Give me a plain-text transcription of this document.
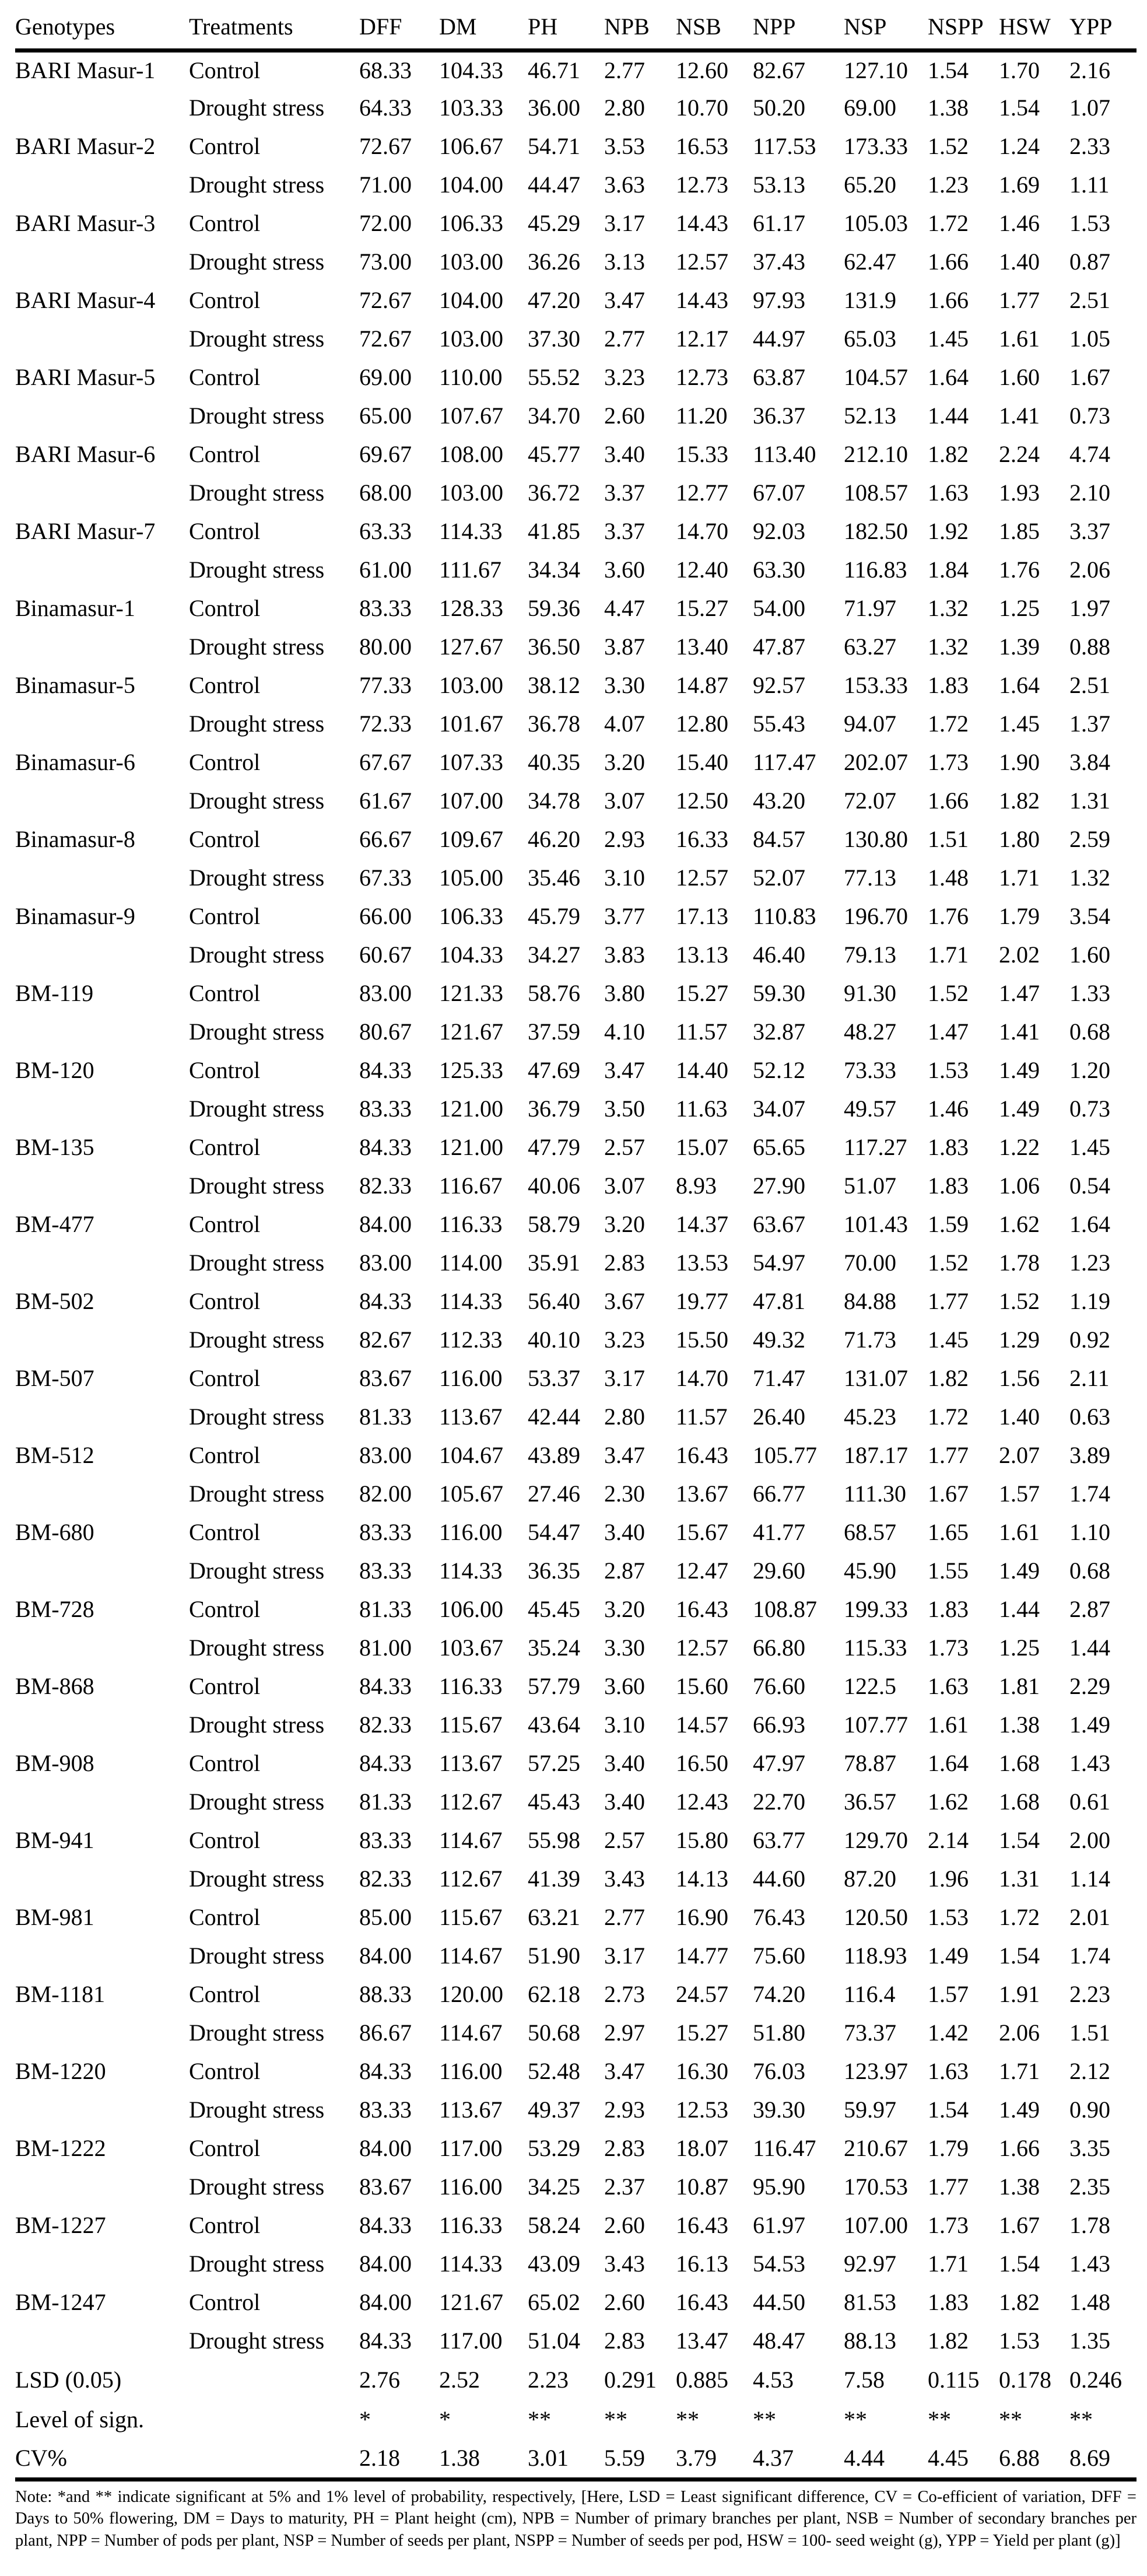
Genotypes	Treatments	DFF	DM	PH	NPB	NSB	NPP	NSP	NSPP	HSW	YPP
BARI Masur-1	Control	68.33	104.33	46.71	2.77	12.60	82.67	127.10	1.54	1.70	2.16
	Drought stress	64.33	103.33	36.00	2.80	10.70	50.20	69.00	1.38	1.54	1.07
BARI Masur-2	Control	72.67	106.67	54.71	3.53	16.53	117.53	173.33	1.52	1.24	2.33
	Drought stress	71.00	104.00	44.47	3.63	12.73	53.13	65.20	1.23	1.69	1.11
BARI Masur-3	Control	72.00	106.33	45.29	3.17	14.43	61.17	105.03	1.72	1.46	1.53
	Drought stress	73.00	103.00	36.26	3.13	12.57	37.43	62.47	1.66	1.40	0.87
BARI Masur-4	Control	72.67	104.00	47.20	3.47	14.43	97.93	131.9	1.66	1.77	2.51
	Drought stress	72.67	103.00	37.30	2.77	12.17	44.97	65.03	1.45	1.61	1.05
BARI Masur-5	Control	69.00	110.00	55.52	3.23	12.73	63.87	104.57	1.64	1.60	1.67
	Drought stress	65.00	107.67	34.70	2.60	11.20	36.37	52.13	1.44	1.41	0.73
BARI Masur-6	Control	69.67	108.00	45.77	3.40	15.33	113.40	212.10	1.82	2.24	4.74
	Drought stress	68.00	103.00	36.72	3.37	12.77	67.07	108.57	1.63	1.93	2.10
BARI Masur-7	Control	63.33	114.33	41.85	3.37	14.70	92.03	182.50	1.92	1.85	3.37
	Drought stress	61.00	111.67	34.34	3.60	12.40	63.30	116.83	1.84	1.76	2.06
Binamasur-1	Control	83.33	128.33	59.36	4.47	15.27	54.00	71.97	1.32	1.25	1.97
	Drought stress	80.00	127.67	36.50	3.87	13.40	47.87	63.27	1.32	1.39	0.88
Binamasur-5	Control	77.33	103.00	38.12	3.30	14.87	92.57	153.33	1.83	1.64	2.51
	Drought stress	72.33	101.67	36.78	4.07	12.80	55.43	94.07	1.72	1.45	1.37
Binamasur-6	Control	67.67	107.33	40.35	3.20	15.40	117.47	202.07	1.73	1.90	3.84
	Drought stress	61.67	107.00	34.78	3.07	12.50	43.20	72.07	1.66	1.82	1.31
Binamasur-8	Control	66.67	109.67	46.20	2.93	16.33	84.57	130.80	1.51	1.80	2.59
	Drought stress	67.33	105.00	35.46	3.10	12.57	52.07	77.13	1.48	1.71	1.32
Binamasur-9	Control	66.00	106.33	45.79	3.77	17.13	110.83	196.70	1.76	1.79	3.54
	Drought stress	60.67	104.33	34.27	3.83	13.13	46.40	79.13	1.71	2.02	1.60
BM-119	Control	83.00	121.33	58.76	3.80	15.27	59.30	91.30	1.52	1.47	1.33
	Drought stress	80.67	121.67	37.59	4.10	11.57	32.87	48.27	1.47	1.41	0.68
BM-120	Control	84.33	125.33	47.69	3.47	14.40	52.12	73.33	1.53	1.49	1.20
	Drought stress	83.33	121.00	36.79	3.50	11.63	34.07	49.57	1.46	1.49	0.73
BM-135	Control	84.33	121.00	47.79	2.57	15.07	65.65	117.27	1.83	1.22	1.45
	Drought stress	82.33	116.67	40.06	3.07	8.93	27.90	51.07	1.83	1.06	0.54
BM-477	Control	84.00	116.33	58.79	3.20	14.37	63.67	101.43	1.59	1.62	1.64
	Drought stress	83.00	114.00	35.91	2.83	13.53	54.97	70.00	1.52	1.78	1.23
BM-502	Control	84.33	114.33	56.40	3.67	19.77	47.81	84.88	1.77	1.52	1.19
	Drought stress	82.67	112.33	40.10	3.23	15.50	49.32	71.73	1.45	1.29	0.92
BM-507	Control	83.67	116.00	53.37	3.17	14.70	71.47	131.07	1.82	1.56	2.11
	Drought stress	81.33	113.67	42.44	2.80	11.57	26.40	45.23	1.72	1.40	0.63
BM-512	Control	83.00	104.67	43.89	3.47	16.43	105.77	187.17	1.77	2.07	3.89
	Drought stress	82.00	105.67	27.46	2.30	13.67	66.77	111.30	1.67	1.57	1.74
BM-680	Control	83.33	116.00	54.47	3.40	15.67	41.77	68.57	1.65	1.61	1.10
	Drought stress	83.33	114.33	36.35	2.87	12.47	29.60	45.90	1.55	1.49	0.68
BM-728	Control	81.33	106.00	45.45	3.20	16.43	108.87	199.33	1.83	1.44	2.87
	Drought stress	81.00	103.67	35.24	3.30	12.57	66.80	115.33	1.73	1.25	1.44
BM-868	Control	84.33	116.33	57.79	3.60	15.60	76.60	122.5	1.63	1.81	2.29
	Drought stress	82.33	115.67	43.64	3.10	14.57	66.93	107.77	1.61	1.38	1.49
BM-908	Control	84.33	113.67	57.25	3.40	16.50	47.97	78.87	1.64	1.68	1.43
	Drought stress	81.33	112.67	45.43	3.40	12.43	22.70	36.57	1.62	1.68	0.61
BM-941	Control	83.33	114.67	55.98	2.57	15.80	63.77	129.70	2.14	1.54	2.00
	Drought stress	82.33	112.67	41.39	3.43	14.13	44.60	87.20	1.96	1.31	1.14
BM-981	Control	85.00	115.67	63.21	2.77	16.90	76.43	120.50	1.53	1.72	2.01
	Drought stress	84.00	114.67	51.90	3.17	14.77	75.60	118.93	1.49	1.54	1.74
BM-1181	Control	88.33	120.00	62.18	2.73	24.57	74.20	116.4	1.57	1.91	2.23
	Drought stress	86.67	114.67	50.68	2.97	15.27	51.80	73.37	1.42	2.06	1.51
BM-1220	Control	84.33	116.00	52.48	3.47	16.30	76.03	123.97	1.63	1.71	2.12
	Drought stress	83.33	113.67	49.37	2.93	12.53	39.30	59.97	1.54	1.49	0.90
BM-1222	Control	84.00	117.00	53.29	2.83	18.07	116.47	210.67	1.79	1.66	3.35
	Drought stress	83.67	116.00	34.25	2.37	10.87	95.90	170.53	1.77	1.38	2.35
BM-1227	Control	84.33	116.33	58.24	2.60	16.43	61.97	107.00	1.73	1.67	1.78
	Drought stress	84.00	114.33	43.09	3.43	16.13	54.53	92.97	1.71	1.54	1.43
BM-1247	Control	84.00	121.67	65.02	2.60	16.43	44.50	81.53	1.83	1.82	1.48
	Drought stress	84.33	117.00	51.04	2.83	13.47	48.47	88.13	1.82	1.53	1.35
LSD (0.05)		2.76	2.52	2.23	0.291	0.885	4.53	7.58	0.115	0.178	0.246
Level of sign.		*	*	**	**	**	**	**	**	**	**
CV%		2.18	1.38	3.01	5.59	3.79	4.37	4.44	4.45	6.88	8.69

Note: *and ** indicate significant at 5% and 1% level of probability, respectively, [Here, LSD = Least significant difference, CV = Co-efficient of variation, DFF = Days to 50% flowering, DM = Days to maturity, PH = Plant height (cm), NPB = Number of primary branches per plant, NSB = Number of secondary branches per plant, NPP = Number of pods per plant, NSP = Number of seeds per plant, NSPP = Number of seeds per pod, HSW = 100- seed weight (g), YPP = Yield per plant (g)]
